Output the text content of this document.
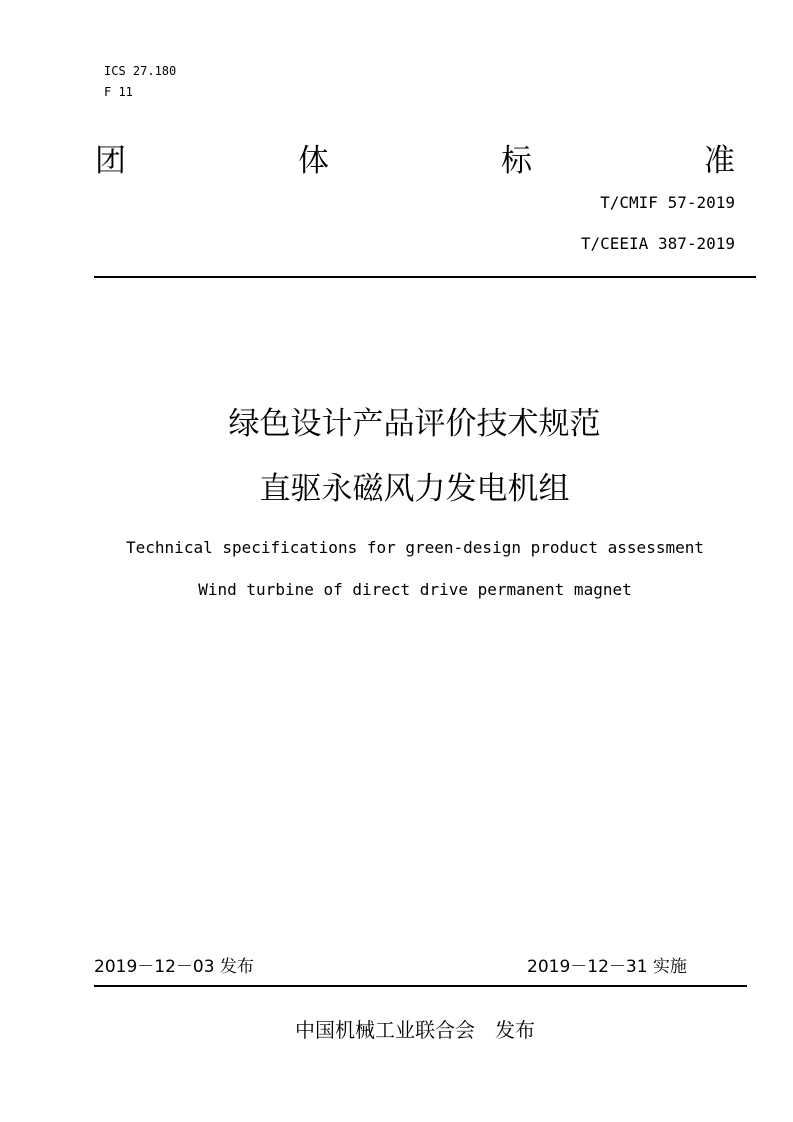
ICS 27.180
F 11
团	体	标	准
T/CMIF 57-2019
T/CEEIA 387-2019
绿色设计产品评价技术规范
直驱永磁风力发电机组
Technical specifications for green-design product assessment
Wind turbine of direct drive permanent magnet
2019－12－03 发布	2019－12－31 实施
中国机械工业联合会　发布
